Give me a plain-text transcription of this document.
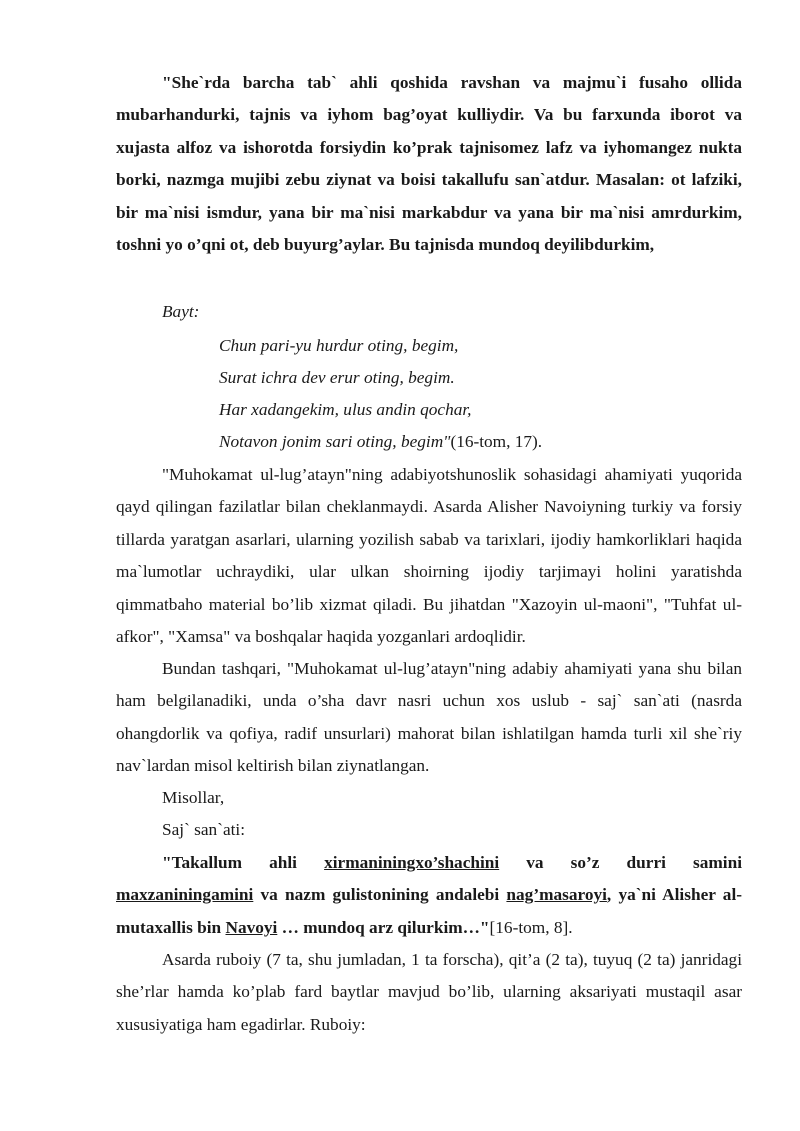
"She`rda barcha tab` ahli qoshida ravshan va majmu`i fusaho ollida mubarhandurki, tajnis va iyhom bag’oyat kulliydir. Va bu farxunda iborot va xujasta alfoz va ishorotda forsiydin ko’prak tajnisomez lafz va iyhomangez nukta borki, nazmga mujibi zebu ziynat va boisi takallufu san`atdur. Masalan: ot lafziki, bir ma`nisi ismdur, yana bir ma`nisi markabdur va yana bir ma`nisi amrdurkim, toshni yo o’qni ot, deb buyurg’aylar. Bu tajnisda mundoq deyilibdurkim,

Bayt:

Chun pari-yu hurdur oting, begim,

Surat ichra dev erur oting, begim.

Har xadangekim, ulus andin qochar,

Notavon jonim sari oting, begim"(16-tom, 17).

"Muhokamat ul-lug’atayn"ning adabiyotshunoslik sohasidagi ahamiyati yuqorida qayd qilingan fazilatlar bilan cheklanmaydi. Asarda Alisher Navoiyning turkiy va forsiy tillarda yaratgan asarlari, ularning yozilish sabab va tarixlari, ijodiy hamkorliklari haqida ma`lumotlar uchraydiki, ular ulkan shoirning ijodiy tarjimayi holini yaratishda qimmatbaho material bo’lib xizmat qiladi. Bu jihatdan "Xazoyin ul-maoni", "Tuhfat ul-afkor", "Xamsa" va boshqalar haqida yozganlari ardoqlidir.

Bundan tashqari, "Muhokamat ul-lug’atayn"ning adabiy ahamiyati yana shu bilan ham belgilanadiki, unda o’sha davr nasri uchun xos uslub - saj` san`ati (nasrda ohangdorlik va qofiya, radif unsurlari) mahorat bilan ishlatilgan hamda turli xil she`riy nav`lardan misol keltirish bilan ziynatlangan.

Misollar,

Saj` san`ati:

"Takallum ahli xirmaniningxo’shachini va so’z durri samini maxzaniningamini va nazm gulistonining andalebi nag’masaroyi, ya`ni Alisher al-mutaxallis bin Navoyi … mundoq arz qilurkim…"[16-tom, 8].

Asarda ruboiy (7 ta, shu jumladan, 1 ta forscha), qit’a (2 ta), tuyuq (2 ta) janridagi she’rlar hamda ko’plab fard baytlar mavjud bo’lib, ularning aksariyati mustaqil asar xususiyatiga ham egadirlar. Ruboiy:
